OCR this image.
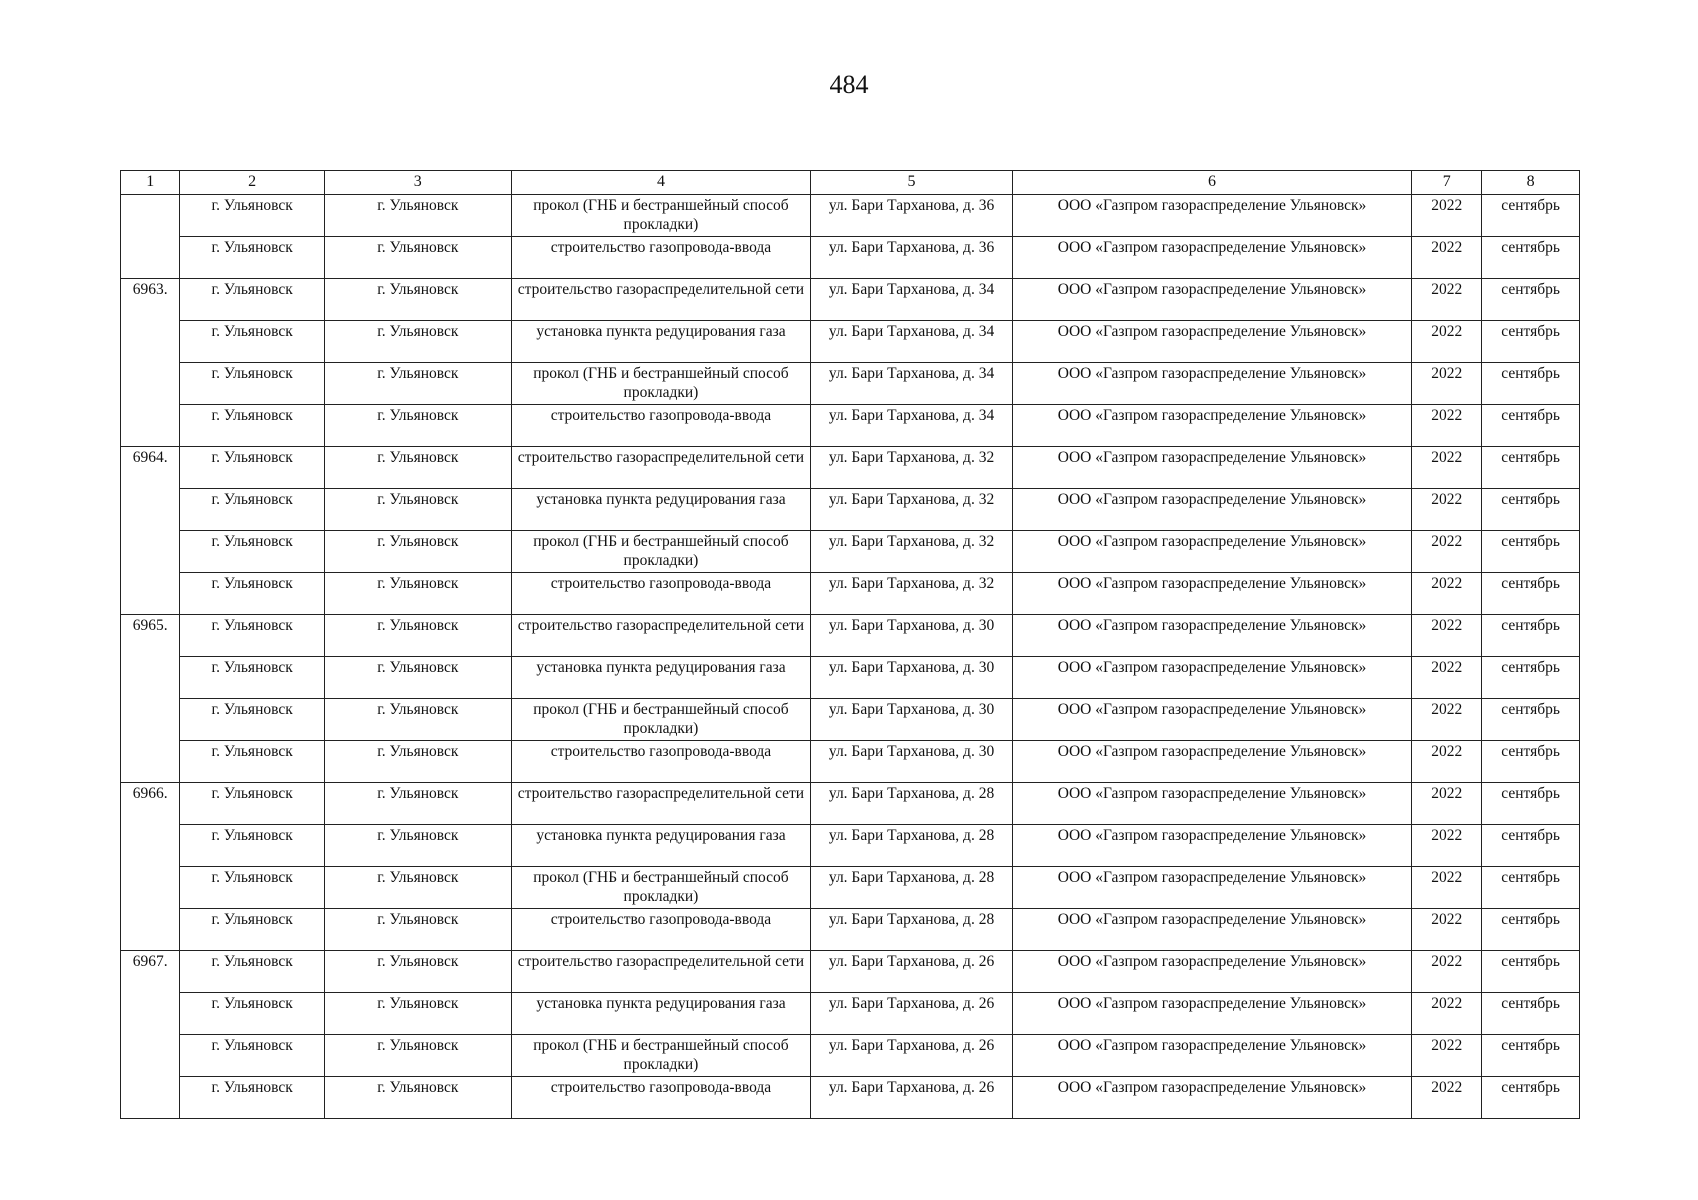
484
1	2	3	4	5	6	7	8
	г. Ульяновск	г. Ульяновск	прокол (ГНБ и бестраншейный способ прокладки)	ул. Бари Тарханова, д. 36	ООО «Газпром газораспределение Ульяновск»	2022	сентябрь
	г. Ульяновск	г. Ульяновск	строительство газопровода-ввода	ул. Бари Тарханова, д. 36	ООО «Газпром газораспределение Ульяновск»	2022	сентябрь
6963.	г. Ульяновск	г. Ульяновск	строительство газораспределительной сети	ул. Бари Тарханова, д. 34	ООО «Газпром газораспределение Ульяновск»	2022	сентябрь
	г. Ульяновск	г. Ульяновск	установка пункта редуцирования газа	ул. Бари Тарханова, д. 34	ООО «Газпром газораспределение Ульяновск»	2022	сентябрь
	г. Ульяновск	г. Ульяновск	прокол (ГНБ и бестраншейный способ прокладки)	ул. Бари Тарханова, д. 34	ООО «Газпром газораспределение Ульяновск»	2022	сентябрь
	г. Ульяновск	г. Ульяновск	строительство газопровода-ввода	ул. Бари Тарханова, д. 34	ООО «Газпром газораспределение Ульяновск»	2022	сентябрь
6964.	г. Ульяновск	г. Ульяновск	строительство газораспределительной сети	ул. Бари Тарханова, д. 32	ООО «Газпром газораспределение Ульяновск»	2022	сентябрь
	г. Ульяновск	г. Ульяновск	установка пункта редуцирования газа	ул. Бари Тарханова, д. 32	ООО «Газпром газораспределение Ульяновск»	2022	сентябрь
	г. Ульяновск	г. Ульяновск	прокол (ГНБ и бестраншейный способ прокладки)	ул. Бари Тарханова, д. 32	ООО «Газпром газораспределение Ульяновск»	2022	сентябрь
	г. Ульяновск	г. Ульяновск	строительство газопровода-ввода	ул. Бари Тарханова, д. 32	ООО «Газпром газораспределение Ульяновск»	2022	сентябрь
6965.	г. Ульяновск	г. Ульяновск	строительство газораспределительной сети	ул. Бари Тарханова, д. 30	ООО «Газпром газораспределение Ульяновск»	2022	сентябрь
	г. Ульяновск	г. Ульяновск	установка пункта редуцирования газа	ул. Бари Тарханова, д. 30	ООО «Газпром газораспределение Ульяновск»	2022	сентябрь
	г. Ульяновск	г. Ульяновск	прокол (ГНБ и бестраншейный способ прокладки)	ул. Бари Тарханова, д. 30	ООО «Газпром газораспределение Ульяновск»	2022	сентябрь
	г. Ульяновск	г. Ульяновск	строительство газопровода-ввода	ул. Бари Тарханова, д. 30	ООО «Газпром газораспределение Ульяновск»	2022	сентябрь
6966.	г. Ульяновск	г. Ульяновск	строительство газораспределительной сети	ул. Бари Тарханова, д. 28	ООО «Газпром газораспределение Ульяновск»	2022	сентябрь
	г. Ульяновск	г. Ульяновск	установка пункта редуцирования газа	ул. Бари Тарханова, д. 28	ООО «Газпром газораспределение Ульяновск»	2022	сентябрь
	г. Ульяновск	г. Ульяновск	прокол (ГНБ и бестраншейный способ прокладки)	ул. Бари Тарханова, д. 28	ООО «Газпром газораспределение Ульяновск»	2022	сентябрь
	г. Ульяновск	г. Ульяновск	строительство газопровода-ввода	ул. Бари Тарханова, д. 28	ООО «Газпром газораспределение Ульяновск»	2022	сентябрь
6967.	г. Ульяновск	г. Ульяновск	строительство газораспределительной сети	ул. Бари Тарханова, д. 26	ООО «Газпром газораспределение Ульяновск»	2022	сентябрь
	г. Ульяновск	г. Ульяновск	установка пункта редуцирования газа	ул. Бари Тарханова, д. 26	ООО «Газпром газораспределение Ульяновск»	2022	сентябрь
	г. Ульяновск	г. Ульяновск	прокол (ГНБ и бестраншейный способ прокладки)	ул. Бари Тарханова, д. 26	ООО «Газпром газораспределение Ульяновск»	2022	сентябрь
	г. Ульяновск	г. Ульяновск	строительство газопровода-ввода	ул. Бари Тарханова, д. 26	ООО «Газпром газораспределение Ульяновск»	2022	сентябрь
